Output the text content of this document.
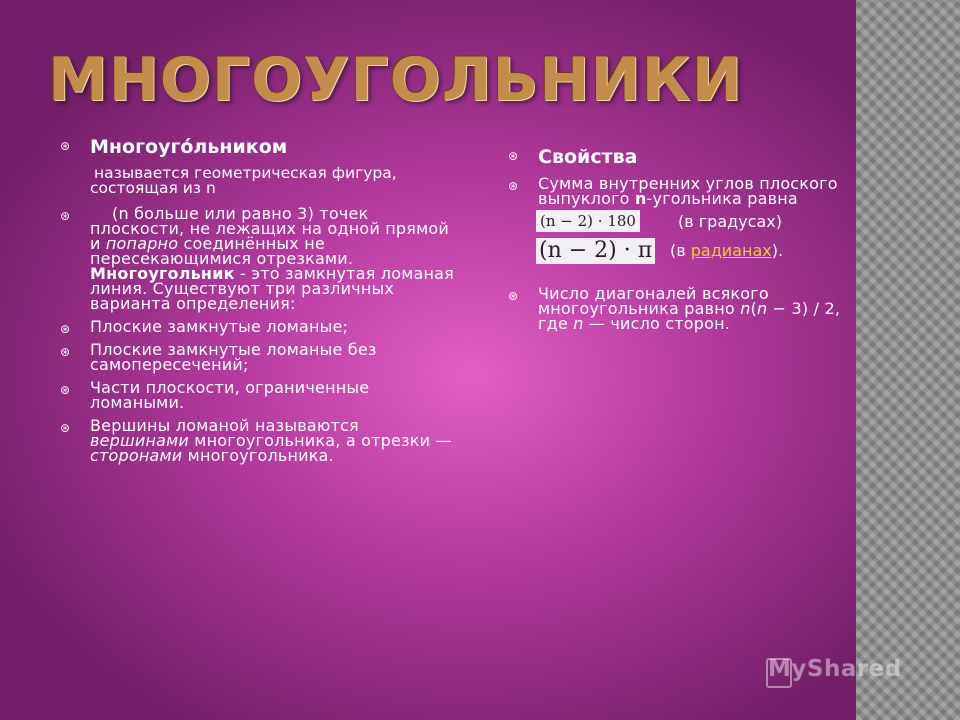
МНОГОУГОЛЬНИКИ
⊛ Многоуго́льником
называется геометрическая фигура, состоящая из n
⊛	(n больше или равно 3) точек плоскости, не лежащих на одной прямой и попарно соединённых не пересекающимися отрезками. Многоугольник - это замкнутая ломаная линия. Существуют три различных варианта определения:
⊛ Плоские замкнутые ломаные;
⊛ Плоские замкнутые ломаные без самопересечений;
⊛ Части плоскости, ограниченные ломаными.
⊛ Вершины ломаной называются вершинами многоугольника, а отрезки — сторонами многоугольника.
⊛ Свойства
⊛ Сумма внутренних углов плоского выпуклого n-угольника равна
(n − 2) · 180	(в градусах)
(n − 2) · π (в радианах).
⊛ Число диагоналей всякого многоугольника равно n(n − 3) / 2, где n — число сторон.
MyShared
